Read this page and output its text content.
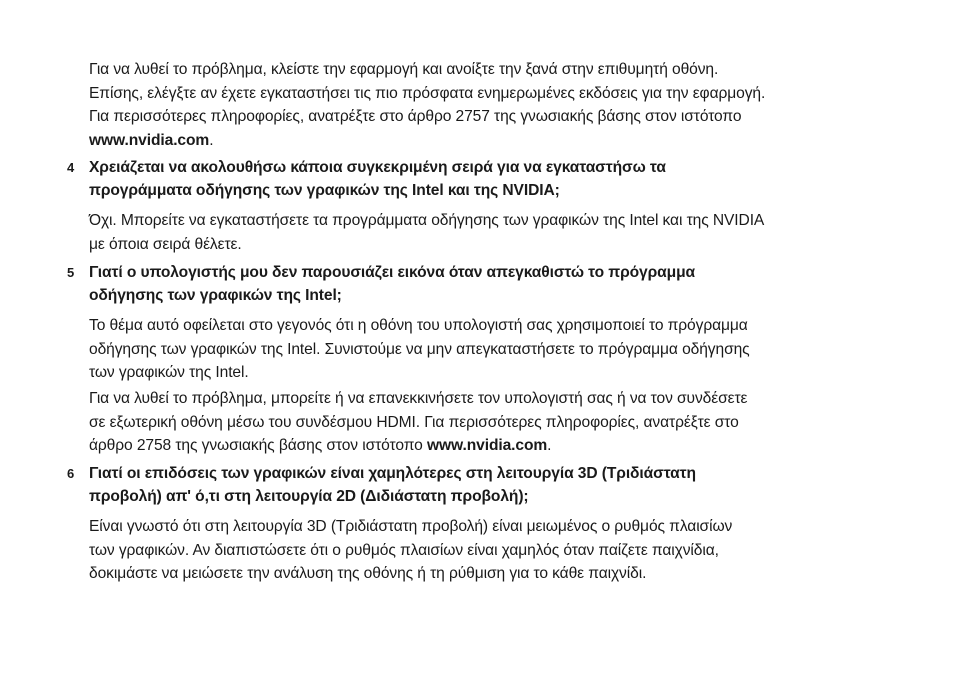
Για να λυθεί το πρόβλημα, κλείστε την εφαρμογή και ανοίξτε την ξανά στην επιθυμητή οθόνη.
Επίσης, ελέγξτε αν έχετε εγκαταστήσει τις πιο πρόσφατα ενημερωμένες εκδόσεις για την εφαρμογή.
Για περισσότερες πληροφορίες, ανατρέξτε στο άρθρο 2757 της γνωσιακής βάσης στον ιστότοπο
www.nvidia.com.
4 Χρειάζεται να ακολουθήσω κάποια συγκεκριμένη σειρά για να εγκαταστήσω τα
προγράμματα οδήγησης των γραφικών της Intel και της NVIDIA;
Όχι. Μπορείτε να εγκαταστήσετε τα προγράμματα οδήγησης των γραφικών της Intel και της NVIDIA
με όποια σειρά θέλετε.
5 Γιατί ο υπολογιστής μου δεν παρουσιάζει εικόνα όταν απεγκαθιστώ το πρόγραμμα
οδήγησης των γραφικών της Intel;
Το θέμα αυτό οφείλεται στο γεγονός ότι η οθόνη του υπολογιστή σας χρησιμοποιεί το πρόγραμμα
οδήγησης των γραφικών της Intel. Συνιστούμε να μην απεγκαταστήσετε το πρόγραμμα οδήγησης
των γραφικών της Intel.
Για να λυθεί το πρόβλημα, μπορείτε ή να επανεκκινήσετε τον υπολογιστή σας ή να τον συνδέσετε
σε εξωτερική οθόνη μέσω του συνδέσμου HDMI. Για περισσότερες πληροφορίες, ανατρέξτε στο
άρθρο 2758 της γνωσιακής βάσης στον ιστότοπο www.nvidia.com.
6 Γιατί οι επιδόσεις των γραφικών είναι χαμηλότερες στη λειτουργία 3D (Τριδιάστατη
προβολή) απ' ό,τι στη λειτουργία 2D (Διδιάστατη προβολή);
Είναι γνωστό ότι στη λειτουργία 3D (Τριδιάστατη προβολή) είναι μειωμένος ο ρυθμός πλαισίων
των γραφικών. Αν διαπιστώσετε ότι ο ρυθμός πλαισίων είναι χαμηλός όταν παίζετε παιχνίδια,
δοκιμάστε να μειώσετε την ανάλυση της οθόνης ή τη ρύθμιση για το κάθε παιχνίδι.
